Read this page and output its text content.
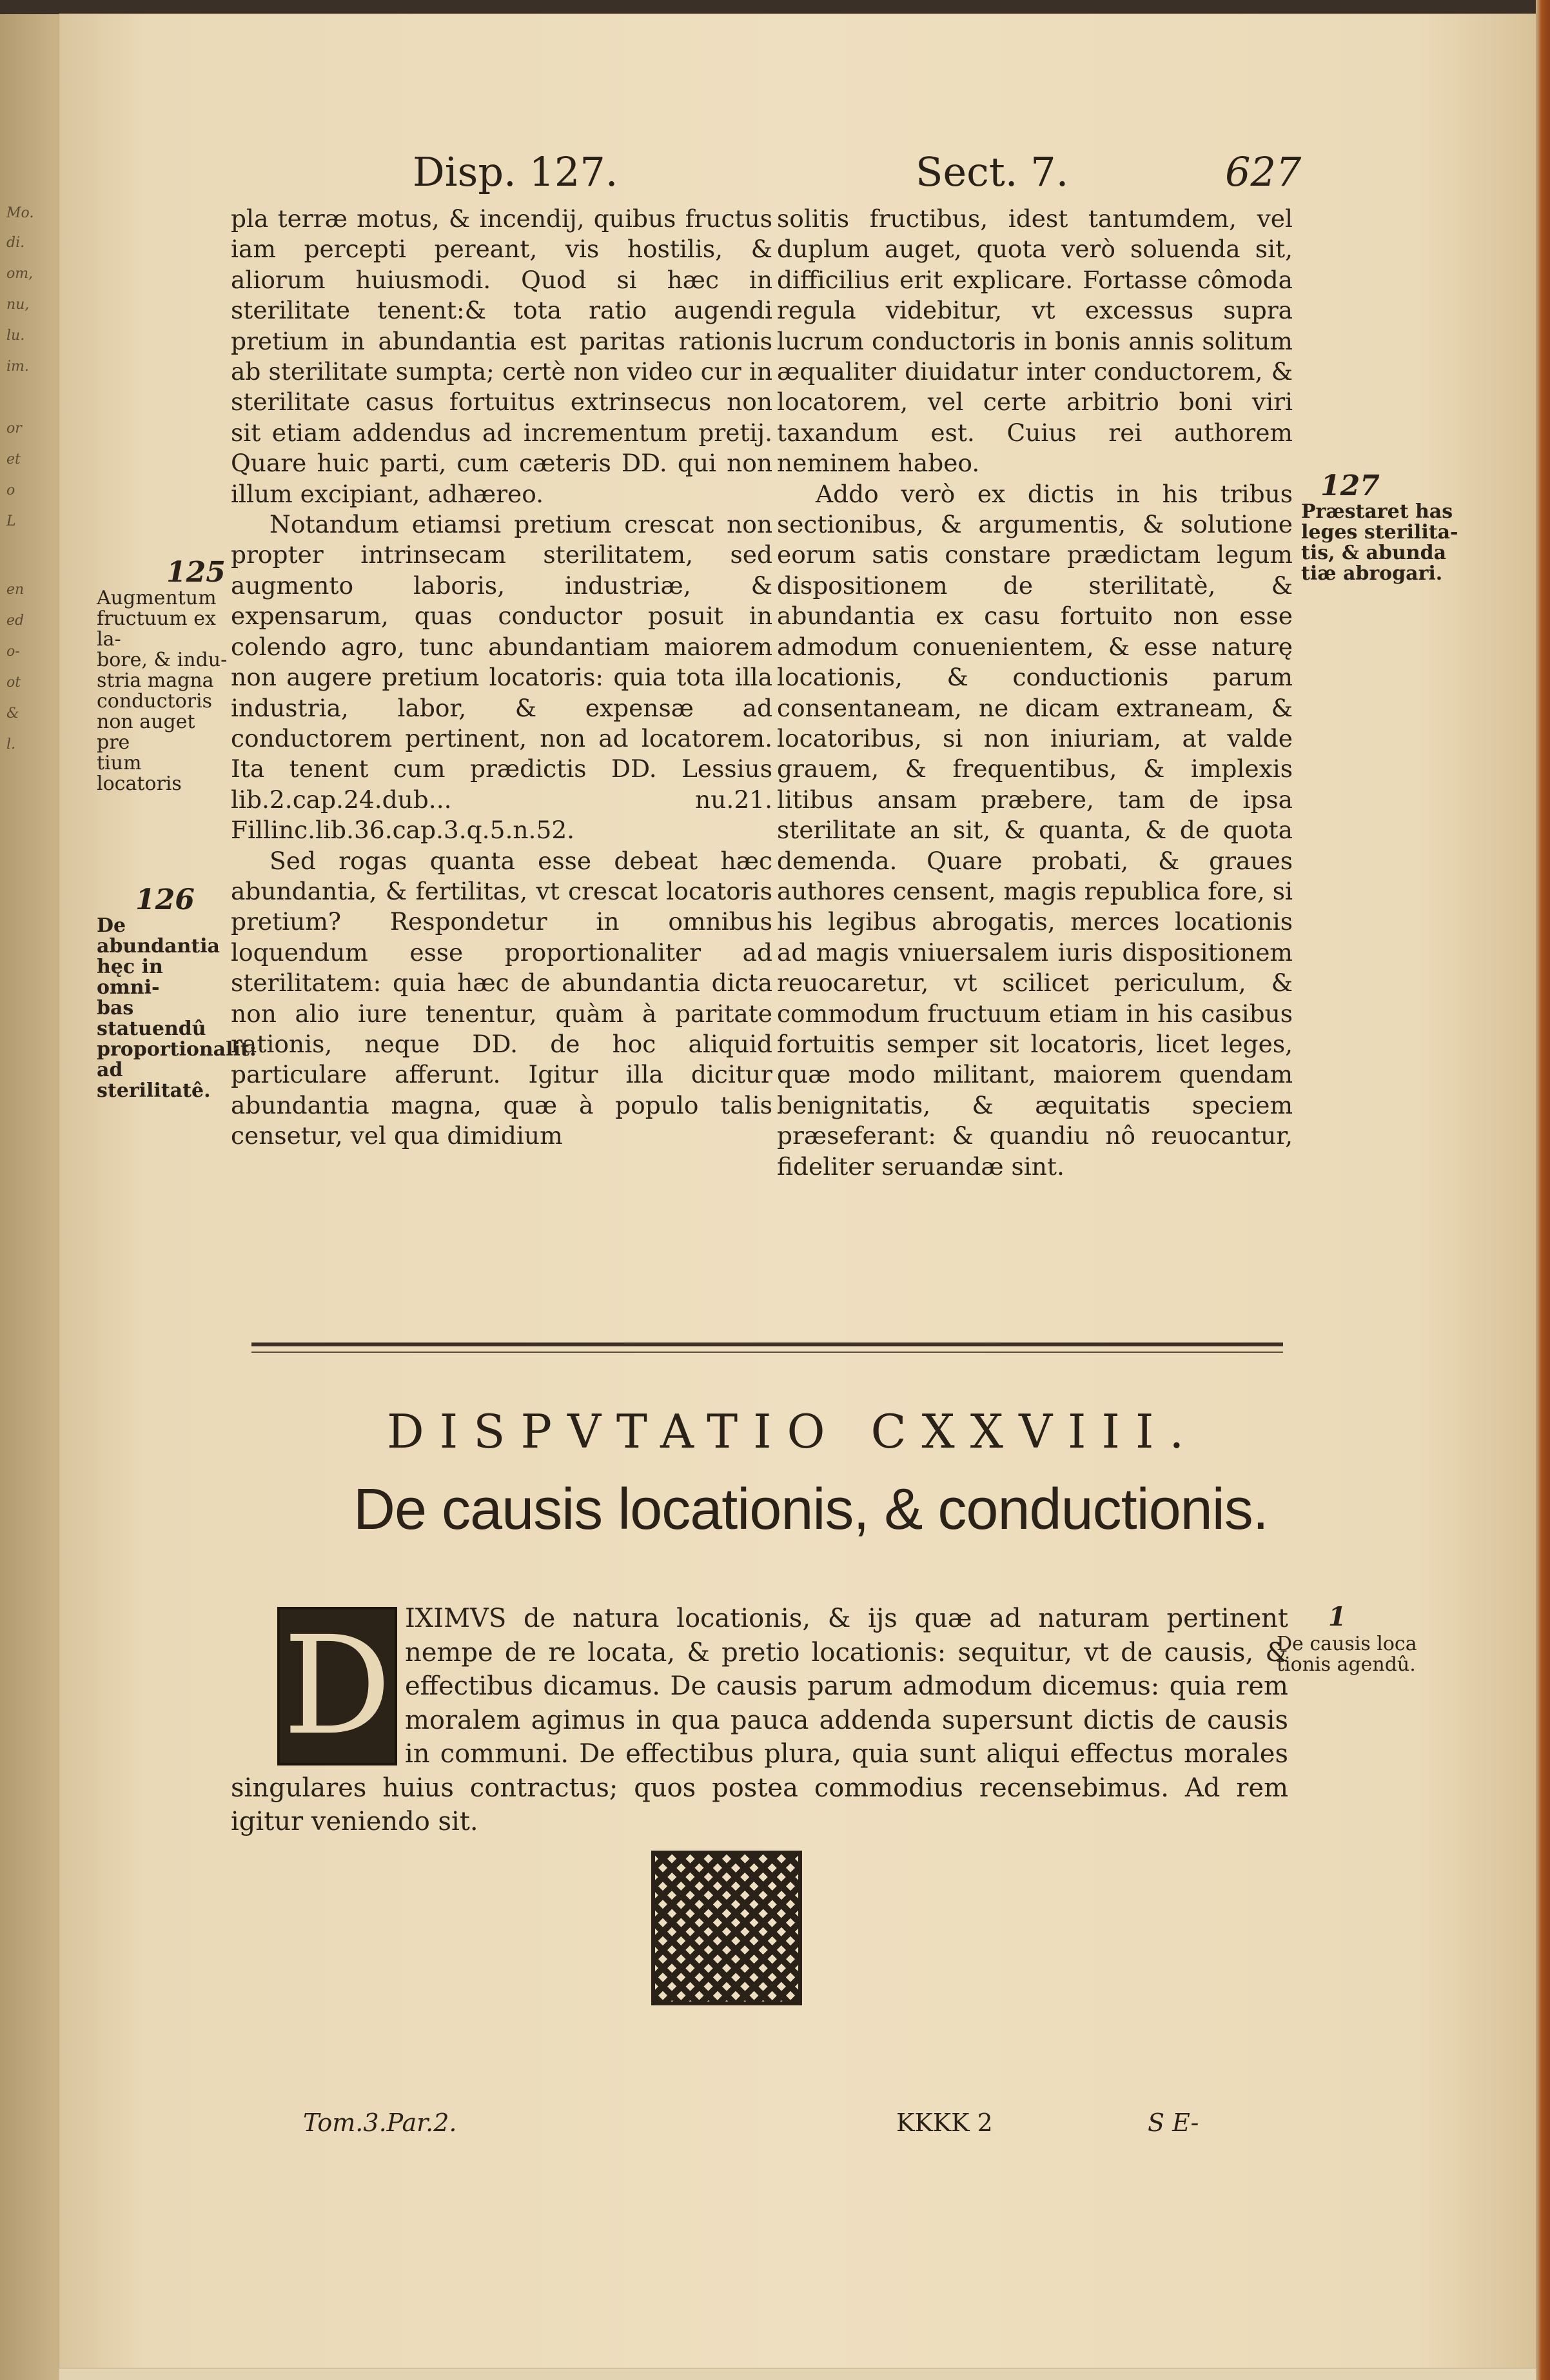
Mo.
di.
om,
nu,
lu.
im.
or
et
o
L
en
ed
o-
ot
&
l.
Disp. 127.	Sect. 7.	627

pla terræ motus, & incendij, quibus fructus iam percepti pereant, vis hostilis, & aliorum huiusmodi. Quod si hæc in sterilitate tenent:& tota ratio augendi pretium in abundantia est paritas rationis ab sterilitate sumpta; certè non video cur in sterilitate casus fortuitus extrinsecus non sit etiam addendus ad incrementum pretij. Quare huic parti, cum cæteris DD. qui non illum excipiant, adhæreo.

Notandum etiamsi pretium crescat non propter intrinsecam sterilitatem, sed augmento laboris, industriæ, & expensarum, quas conductor posuit in colendo agro, tunc abundantiam maiorem non augere pretium locatoris: quia tota illa industria, labor, & expensæ ad conductorem pertinent, non ad locatorem. Ita tenent cum prædictis DD. Lessius lib.2.cap.24.dub... nu.21. Fillinc.lib.36.cap.3.q.5.n.52.

Sed rogas quanta esse debeat hæc abundantia, & fertilitas, vt crescat locatoris pretium? Respondetur in omnibus loquendum esse proportionaliter ad sterilitatem: quia hæc de abundantia dicta non alio iure tenentur, quàm à paritate rationis, neque DD. de hoc aliquid particulare afferunt. Igitur illa dicitur abundantia magna, quæ à populo talis censetur, vel qua dimidium

solitis fructibus, idest tantumdem, vel duplum auget, quota verò soluenda sit, difficilius erit explicare. Fortasse cômoda regula videbitur, vt excessus supra lucrum conductoris in bonis annis solitum æqualiter diuidatur inter conductorem, & locatorem, vel certe arbitrio boni viri taxandum est. Cuius rei authorem neminem habeo.

Addo verò ex dictis in his tribus sectionibus, & argumentis, & solutione eorum satis constare prædictam legum dispositionem de sterilitatè, & abundantia ex casu fortuito non esse admodum conuenientem, & esse naturę locationis, & conductionis parum consentaneam, ne dicam extraneam, & locatoribus, si non iniuriam, at valde grauem, & frequentibus, & implexis litibus ansam præbere, tam de ipsa sterilitate an sit, & quanta, & de quota demenda. Quare probati, & graues authores censent, magis republica fore, si his legibus abrogatis, merces locationis ad magis vniuersalem iuris dispositionem reuocaretur, vt scilicet periculum, & commodum fructuum etiam in his casibus fortuitis semper sit locatoris, licet leges, quæ modo militant, maiorem quendam benignitatis, & æquitatis speciem præseferant: & quandiu nô reuocantur, fideliter seruandæ sint.

125
Augmentum
fructuum ex la-
bore, & indu-
stria magna
conductoris
non auget pre
tium locatoris
126
De abundantia
hęc in omni-
bas statuendû
proportionalit:
ad sterilitatê.
127
Præstaret has
leges sterilita-
tis, & abunda
tiæ abrogari.
DISPVTATIO CXXVIII.
De causis locationis, & conductionis.
IXIMVS de natura locationis, & ijs quæ ad naturam pertinent nempe de re locata, & pretio locationis: sequitur, vt de causis, & effectibus dicamus. De causis parum admodum dicemus: quia rem moralem agimus in qua pauca addenda supersunt dictis de causis in communi. De effectibus plura, quia sunt aliqui effectus morales singulares huius contractus; quos postea commodius recensebimus. Ad rem igitur veniendo sit.
D	1
De causis loca
tionis agendû.
Tom.3.Par.2.	KKKK 2	S E-
